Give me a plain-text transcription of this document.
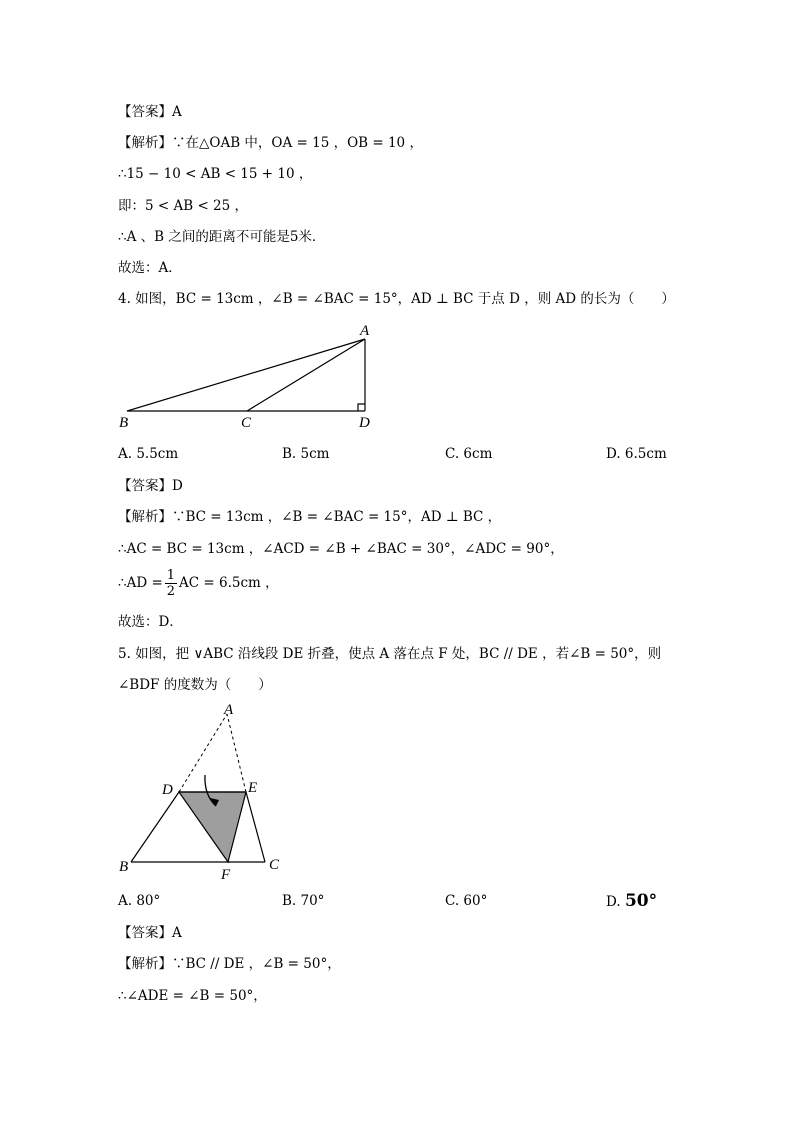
【答案】A
【解析】∵在△OAB 中，OA = 15 ，OB = 10 ，
∴15 − 10 < AB < 15 + 10 ，
即：5 < AB < 25 ，
∴A 、B 之间的距离不可能是5米．
故选：A．
4. 如图，BC = 13cm ，∠B = ∠BAC = 15°，AD ⊥ BC 于点 D ，则 AD 的长为（　　）
A
B	C	D
A. 5.5cm	B. 5cm	C. 6cm	D. 6.5cm
【答案】D
【解析】∵BC = 13cm ，∠B = ∠BAC = 15°，AD ⊥ BC ，
∴AC = BC = 13cm ，∠ACD = ∠B + ∠BAC = 30°，∠ADC = 90°，
∴AD = $\frac{1}{2}$ AC = 6.5cm ，
故选：D．
5. 如图，把 ∨ABC 沿线段 DE 折叠，使点 A 落在点 F 处，BC // DE ，若∠B = 50°，则
∠BDF 的度数为（　　）
A
D	E
B	C
F
A. 80°	B. 70°	C. 60°	D. 50°
【答案】A
【解析】∵BC // DE ，∠B = 50°，
∴∠ADE = ∠B = 50°，
